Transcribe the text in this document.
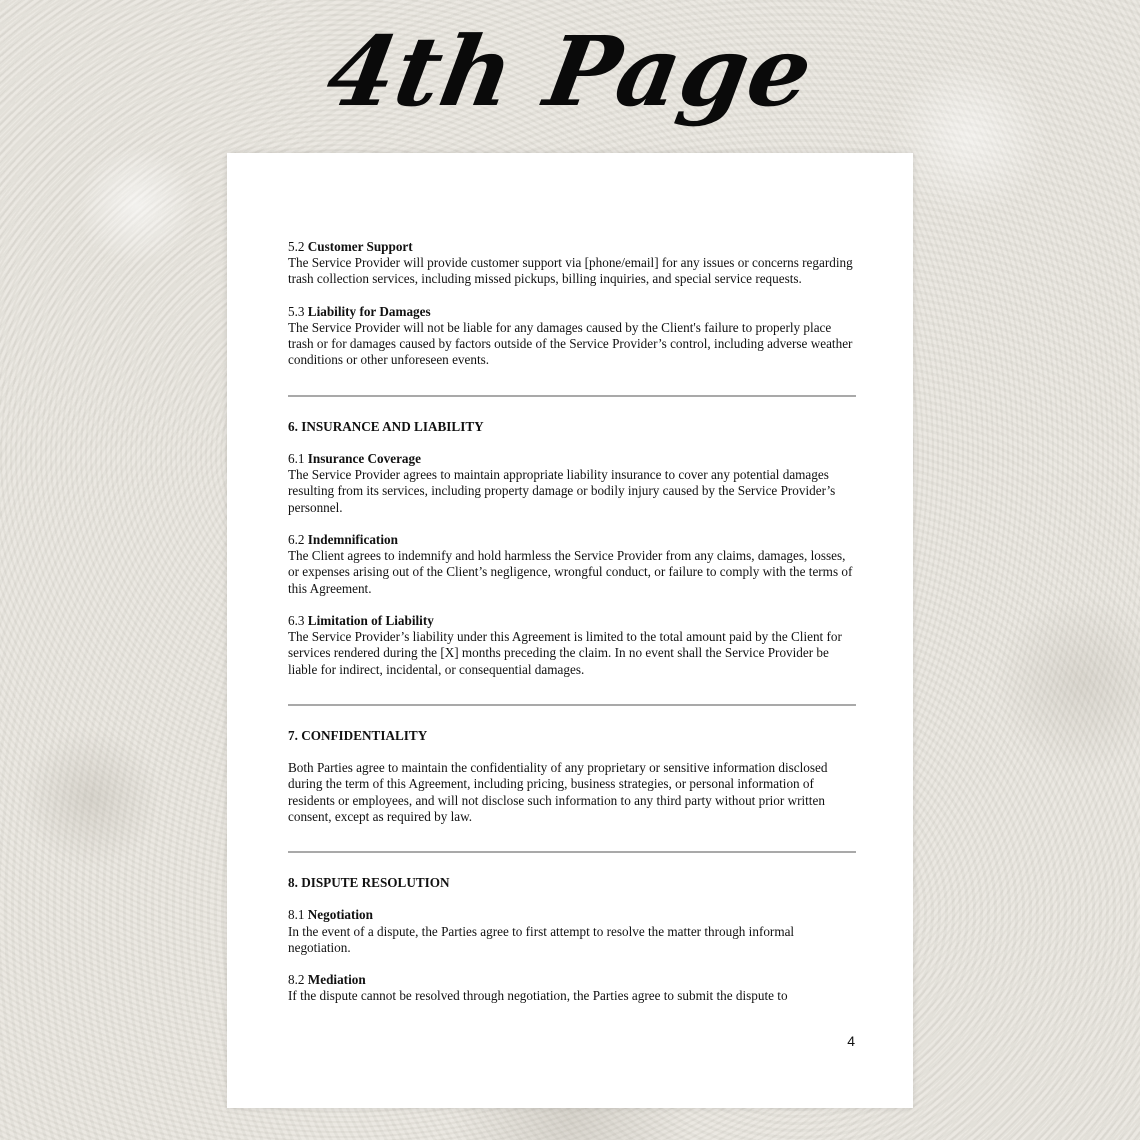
4th Page
5.2 Customer Support
The Service Provider will provide customer support via [phone/email] for any issues or concerns regarding trash collection services, including missed pickups, billing inquiries, and special service requests.
5.3 Liability for Damages
The Service Provider will not be liable for any damages caused by the Client's failure to properly place trash or for damages caused by factors outside of the Service Provider’s control, including adverse weather conditions or other unforeseen events.
6. INSURANCE AND LIABILITY
6.1 Insurance Coverage
The Service Provider agrees to maintain appropriate liability insurance to cover any potential damages resulting from its services, including property damage or bodily injury caused by the Service Provider’s personnel.
6.2 Indemnification
The Client agrees to indemnify and hold harmless the Service Provider from any claims, damages, losses, or expenses arising out of the Client’s negligence, wrongful conduct, or failure to comply with the terms of this Agreement.
6.3 Limitation of Liability
The Service Provider’s liability under this Agreement is limited to the total amount paid by the Client for services rendered during the [X] months preceding the claim. In no event shall the Service Provider be liable for indirect, incidental, or consequential damages.
7. CONFIDENTIALITY
Both Parties agree to maintain the confidentiality of any proprietary or sensitive information disclosed during the term of this Agreement, including pricing, business strategies, or personal information of residents or employees, and will not disclose such information to any third party without prior written consent, except as required by law.
8. DISPUTE RESOLUTION
8.1 Negotiation
In the event of a dispute, the Parties agree to first attempt to resolve the matter through informal negotiation.
8.2 Mediation
If the dispute cannot be resolved through negotiation, the Parties agree to submit the dispute to
4
